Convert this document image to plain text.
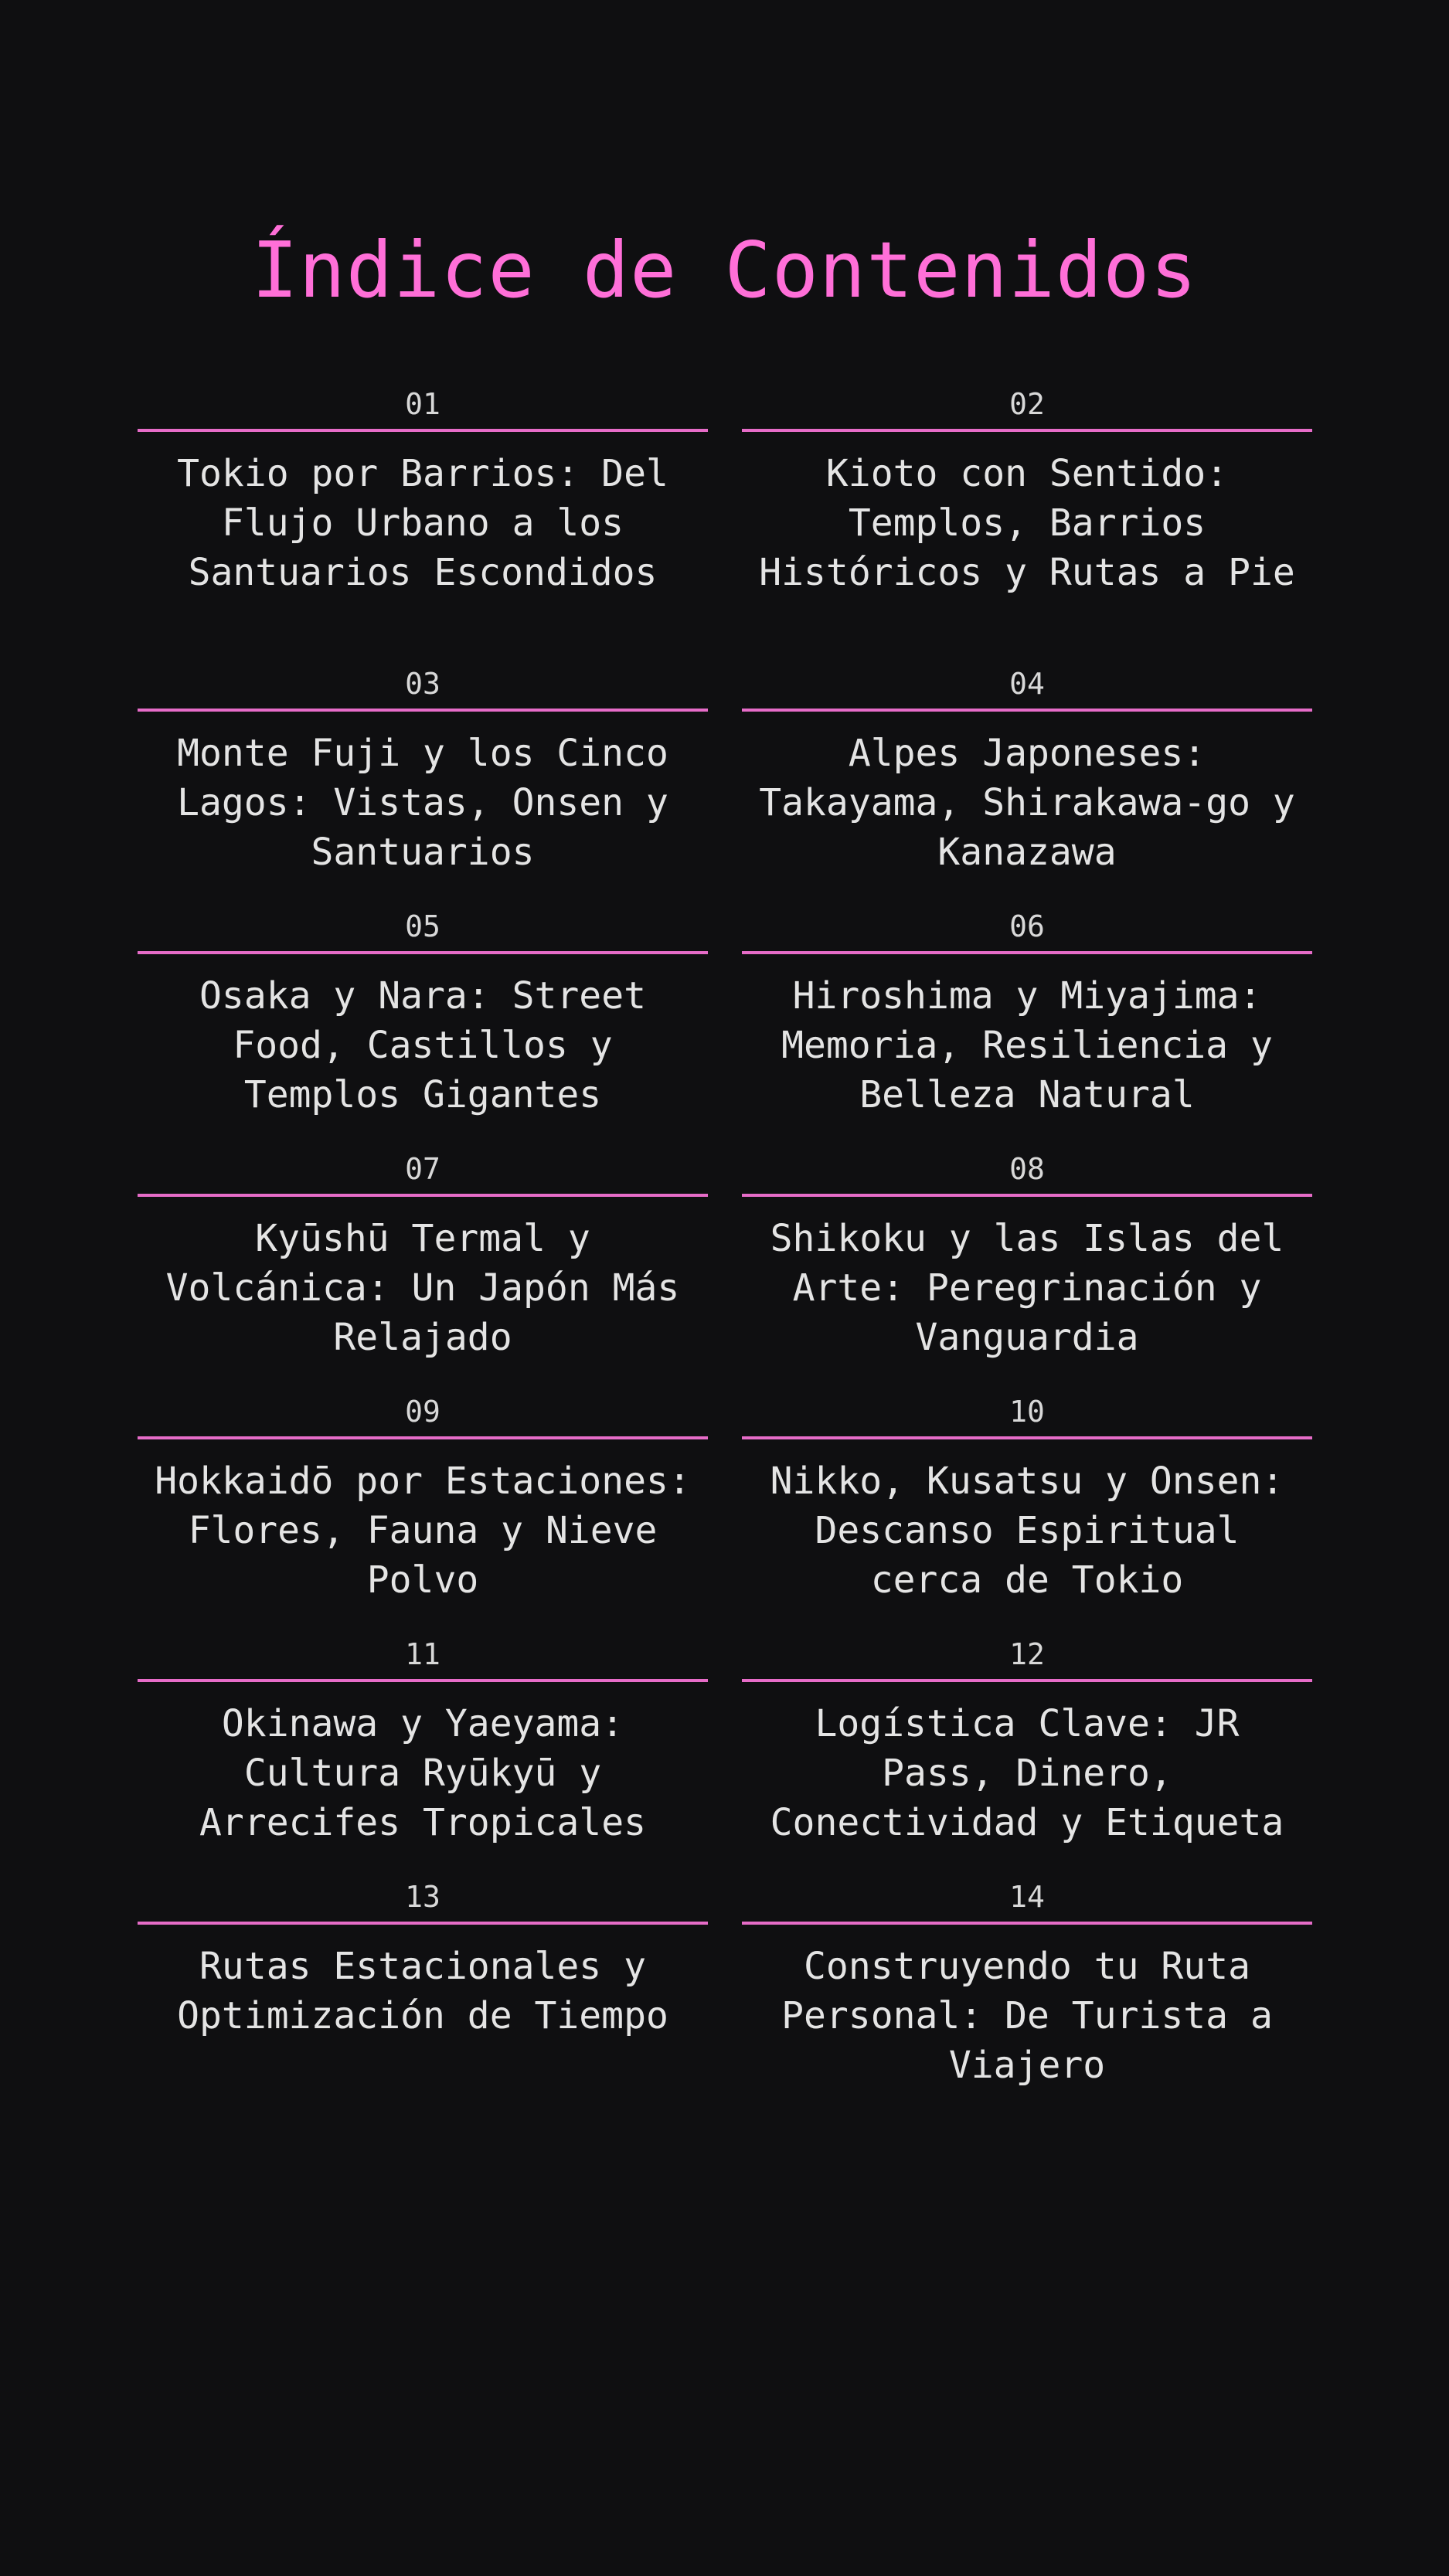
Índice de Contenidos
01
Tokio por Barrios: Del Flujo Urbano a los Santuarios Escondidos
02
Kioto con Sentido: Templos, Barrios Históricos y Rutas a Pie
03
Monte Fuji y los Cinco Lagos: Vistas, Onsen y Santuarios
04
Alpes Japoneses: Takayama, Shirakawa-go y Kanazawa
05
Osaka y Nara: Street Food, Castillos y Templos Gigantes
06
Hiroshima y Miyajima: Memoria, Resiliencia y Belleza Natural
07
Kyūshū Termal y Volcánica: Un Japón Más Relajado
08
Shikoku y las Islas del Arte: Peregrinación y Vanguardia
09
Hokkaidō por Estaciones: Flores, Fauna y Nieve Polvo
10
Nikko, Kusatsu y Onsen: Descanso Espiritual cerca de Tokio
11
Okinawa y Yaeyama: Cultura Ryūkyū y Arrecifes Tropicales
12
Logística Clave: JR Pass, Dinero, Conectividad y Etiqueta
13
Rutas Estacionales y Optimización de Tiempo
14
Construyendo tu Ruta Personal: De Turista a Viajero
